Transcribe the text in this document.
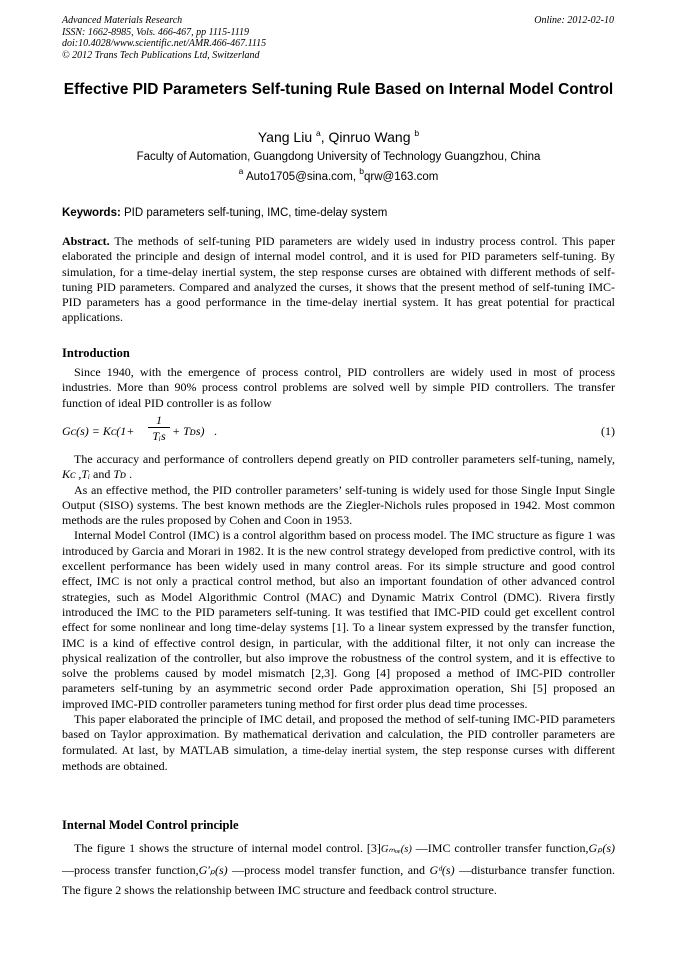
Advanced Materials Research
ISSN: 1662-8985, Vols. 466-467, pp 1115-1119
doi:10.4028/www.scientific.net/AMR.466-467.1115
© 2012 Trans Tech Publications Ltd, Switzerland
Online: 2012-02-10
Effective PID Parameters Self-tuning Rule Based on Internal Model Control
Yang Liu $^a$, Qinruo Wang $^b$
Faculty of Automation, Guangdong University of Technology Guangzhou, China
$^a$ Auto1705@sina.com, $^b$qrw@163.com
Keywords: PID parameters self-tuning, IMC, time-delay system

Abstract. The methods of self-tuning PID parameters are widely used in industry process control. This paper elaborated the principle and design of internal model control, and it is used for PID parameters self-tuning. By simulation, for a time-delay inertial system, the step response curses are obtained with different methods of self-tuning PID parameters. Compared and analyzed the curses, it shows that the present method of self-tuning IMC-PID parameters has a good performance in the time-delay inertial system. It has great potential for practical applications.

Introduction

Since 1940, with the emergence of process control, PID controllers are widely used in most of process industries. More than 90% process control problems are solved well by simple PID controllers. The transfer function of ideal PID controller is as follow

Gᴄ(s) = Kᴄ(1+
1
Tᵢs + Tᴅs) .	(1)

The accuracy and performance of controllers depend greatly on PID controller parameters self-tuning, namely, Kᴄ ,Tᵢ and Tᴅ .

As an effective method, the PID controller parameters’ self-tuning is widely used for those Single Input Single Output (SISO) systems. The best known methods are the Ziegler-Nichols rules proposed in 1942. Most common methods are the rules proposed by Cohen and Coon in 1953.

Internal Model Control (IMC) is a control algorithm based on process model. The IMC structure as figure 1 was introduced by Garcia and Morari in 1982. It is the new control strategy developed from predictive control, with its excellent performance has been widely used in many control areas. For its simple structure and good control effect, IMC is not only a practical control method, but also an important foundation of other advanced control strategies, such as Model Algorithmic Control (MAC) and Dynamic Matrix Control (DMC). Rivera firstly introduced the IMC to the PID parameters self-tuning. It was testified that IMC-PID could get excellent control effect for some nonlinear and long time-delay systems [1]. To a linear system expressed by the transfer function, IMC is a kind of effective control design, in particular, with the additional filter, it not only can increase the physical realization of the controller, but also improve the robustness of the control system, and it is effective to solve the problems caused by model mismatch [2,3]. Gong [4] proposed a method of IMC-PID controller parameters self-tuning by an asymmetric second order Pade approximation operation, Shi [5] proposed an improved IMC-PID controller parameters tuning method for first order plus dead time processes.

This paper elaborated the principle of IMC detail, and proposed the method of self-tuning IMC-PID parameters based on Taylor approximation. By mathematical derivation and calculation, the PID controller parameters are formulated. At last, by MATLAB simulation, a time-delay inertial system, the step response curses with different methods are obtained.

Internal Model Control principle

The figure 1 shows the structure of internal model control. [3]Gₘₒₑ(s) —IMC controller transfer function,Gₚ(s) —process transfer function,Gʹₚ(s) —process model transfer function, and Gᵈ(s) —disturbance transfer function. The figure 2 shows the relationship between IMC structure and feedback control structure.
